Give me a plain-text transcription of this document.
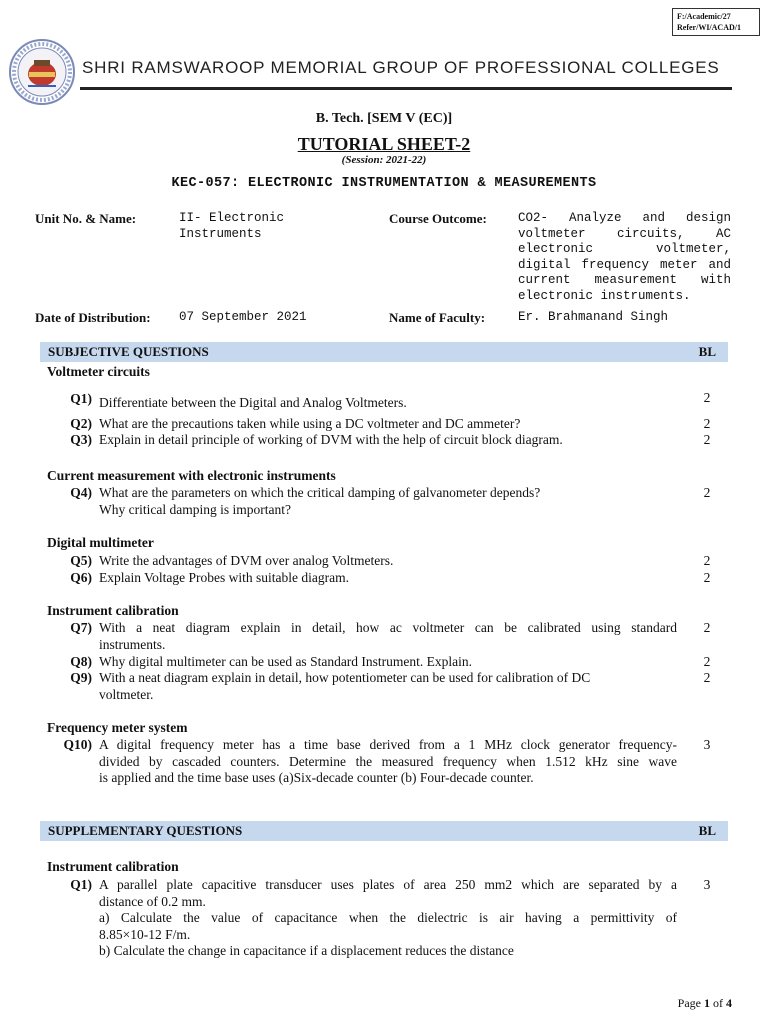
F:/Academic/27
Refer/WI/ACAD/1
SHRI RAMSWAROOP MEMORIAL GROUP OF PROFESSIONAL COLLEGES
B. Tech. [SEM V (EC)]
TUTORIAL SHEET-2
(Session: 2021-22)
KEC-057: ELECTRONIC INSTRUMENTATION & MEASUREMENTS
Unit No. & Name:	II- Electronic
Instruments
Course Outcome: CO2- Analyze and design
voltmeter circuits, AC
electronic voltmeter,
digital frequency meter and
current measurement with
electronic instruments.
Date of Distribution: 07 September 2021	Name of Faculty:	Er. Brahmanand Singh
SUBJECTIVE QUESTIONS	BL
Voltmeter circuits
Q1) Differentiate between the Digital and Analog Voltmeters.	2
Q2) What are the precautions taken while using a DC voltmeter and DC ammeter?	2
Q3) Explain in detail principle of working of DVM with the help of circuit block diagram.	2
Current measurement with electronic instruments
Q4) What are the parameters on which the critical damping of galvanometer depends?
Why critical damping is important?
2
Digital multimeter
Q5) Write the advantages of DVM over analog Voltmeters.	2
Q6) Explain Voltage Probes with suitable diagram.	2
Instrument calibration
Q7) With a neat diagram explain in detail, how ac voltmeter can be calibrated using standard
instruments.
2
Q8) Why digital multimeter can be used as Standard Instrument. Explain.	2
Q9) With a neat diagram explain in detail, how potentiometer can be used for calibration of DC
voltmeter.
2
Frequency meter system
Q10) A digital frequency meter has a time base derived from a 1 MHz clock generator frequency-
divided by cascaded counters. Determine the measured frequency when 1.512 kHz sine wave
is applied and the time base uses (a)Six-decade counter (b) Four-decade counter.
3
SUPPLEMENTARY QUESTIONS	BL
Instrument calibration
Q1) A parallel plate capacitive transducer uses plates of area 250 mm2 which are separated by a
distance of 0.2 mm.
a) Calculate the value of capacitance when the dielectric is air having a permittivity of
8.85×10-12 F/m.
b) Calculate the change in capacitance if a displacement reduces the distance
3
Page 1 of 4
